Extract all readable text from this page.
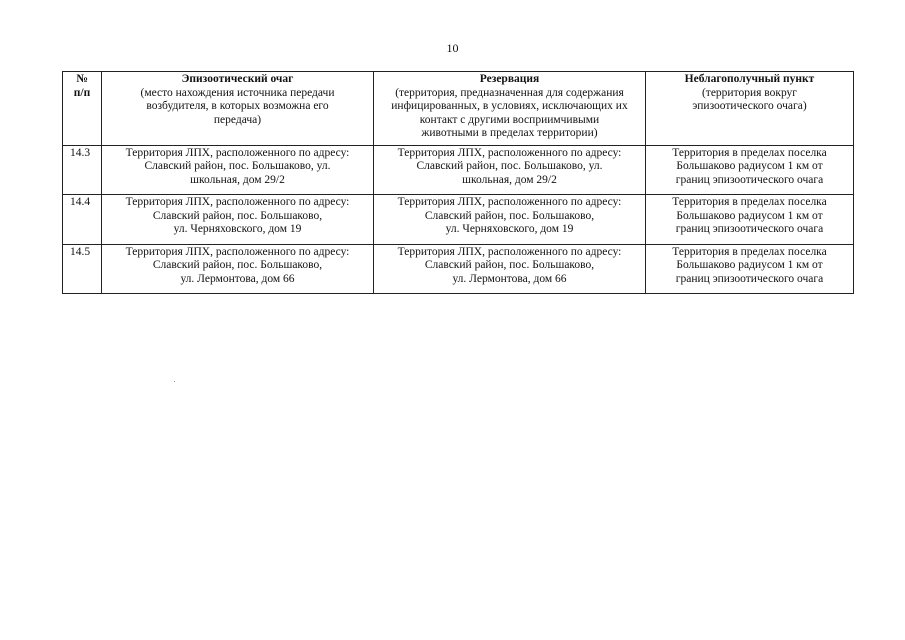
10
№
п/п	Эпизоотический очаг
(место нахождения источника передачи
возбудителя, в которых возможна его
передача)	Резервация
(территория, предназначенная для содержания
инфицированных, в условиях, исключающих их
контакт с другими восприимчивыми
животными в пределах территории)	Неблагополучный пункт
(территория вокруг
эпизоотического очага)

14.3	Территория ЛПХ, расположенного по адресу:
Славский район, пос. Большаково, ул.
школьная, дом 29/2	Территория ЛПХ, расположенного по адресу:
Славский район, пос. Большаково, ул.
школьная, дом 29/2	Территория в пределах поселка
Большаково радиусом 1 км от
границ эпизоотического очага

14.4	Территория ЛПХ, расположенного по адресу:
Славский район, пос. Большаково,
ул. Черняховского, дом 19	Территория ЛПХ, расположенного по адресу:
Славский район, пос. Большаково,
ул. Черняховского, дом 19	Территория в пределах поселка
Большаково радиусом 1 км от
границ эпизоотического очага

14.5	Территория ЛПХ, расположенного по адресу:
Славский район, пос. Большаково,
ул. Лермонтова, дом 66	Территория ЛПХ, расположенного по адресу:
Славский район, пос. Большаково,
ул. Лермонтова, дом 66	Территория в пределах поселка
Большаково радиусом 1 км от
границ эпизоотического очага
